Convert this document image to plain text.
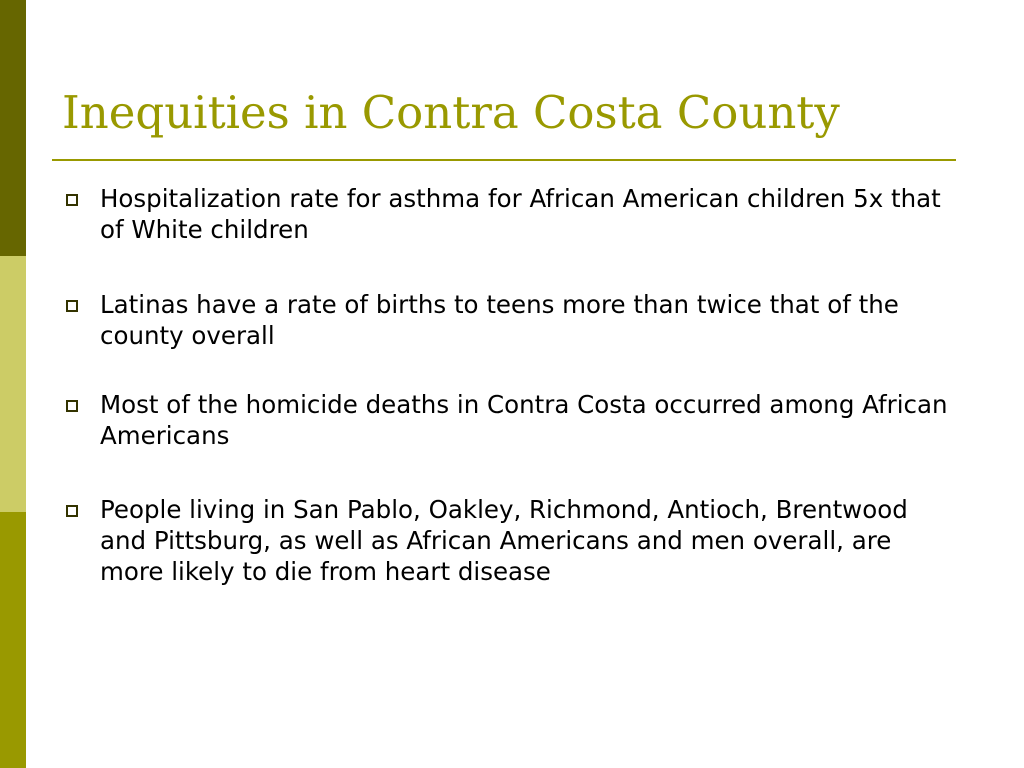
Inequities in Contra Costa County

Hospitalization rate for asthma for African American children 5x that of White children

Latinas have a rate of births to teens more than twice that of the county overall

Most of the homicide deaths in Contra Costa occurred among African Americans

People living in San Pablo, Oakley, Richmond, Antioch, Brentwood and Pittsburg, as well as African Americans and men overall, are more likely to die from heart disease
